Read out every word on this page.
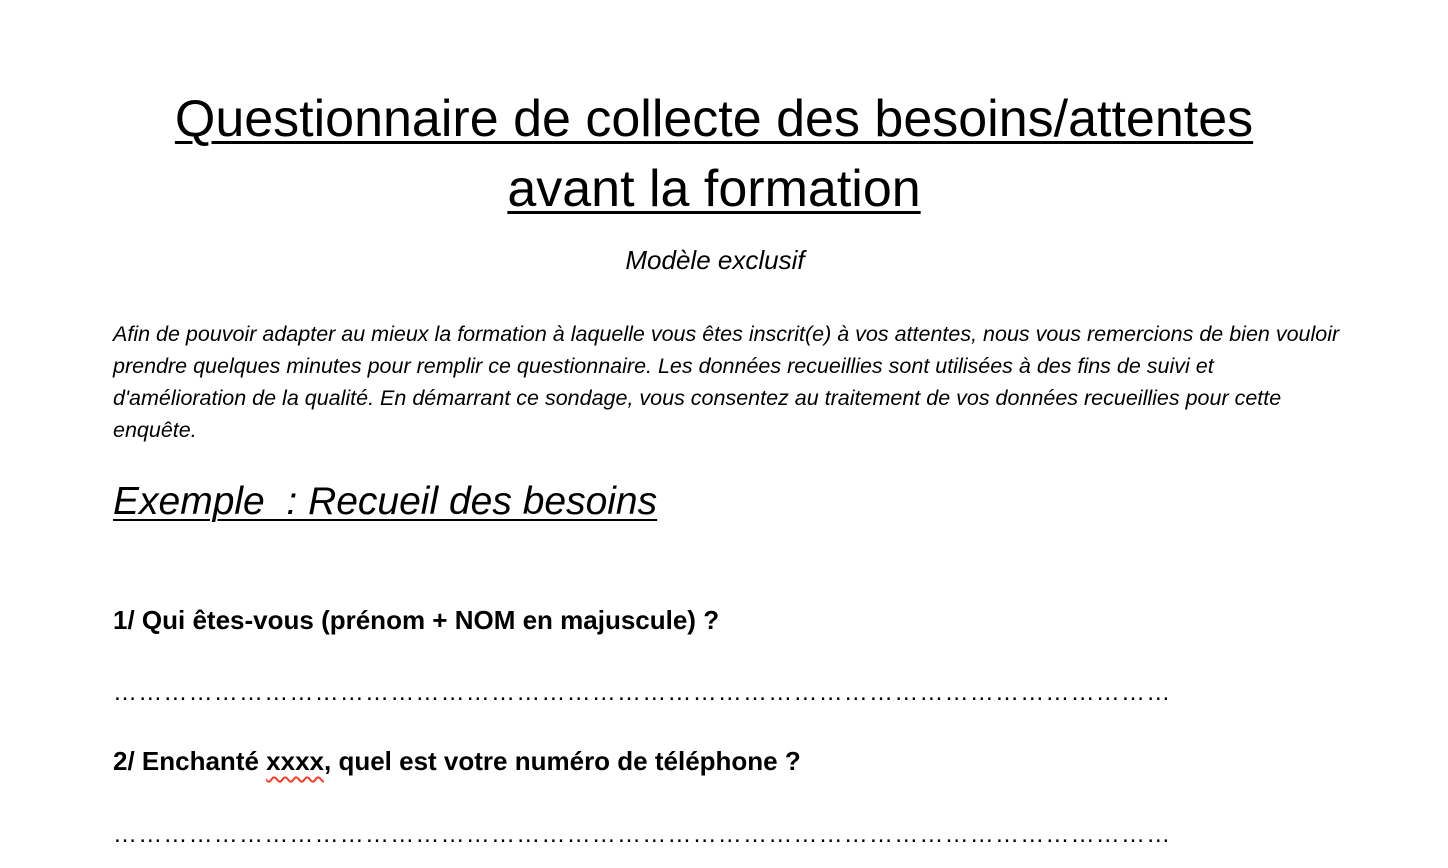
Questionnaire de collecte des besoins/attentes
avant la formation

Modèle exclusif

Afin de pouvoir adapter au mieux la formation à laquelle vous êtes inscrit(e) à vos attentes, nous vous remercions de bien vouloir prendre quelques minutes pour remplir ce questionnaire. Les données recueillies sont utilisées à des fins de suivi et d'amélioration de la qualité. En démarrant ce sondage, vous consentez au traitement de vos données recueillies pour cette enquête.

Exemple  : Recueil des besoins

1/ Qui êtes-vous (prénom + NOM en majuscule) ?

………………………………………………………………………………………………………………

2/ Enchanté xxxx, quel est votre numéro de téléphone ?

………………………………………………………………………………………………………………
